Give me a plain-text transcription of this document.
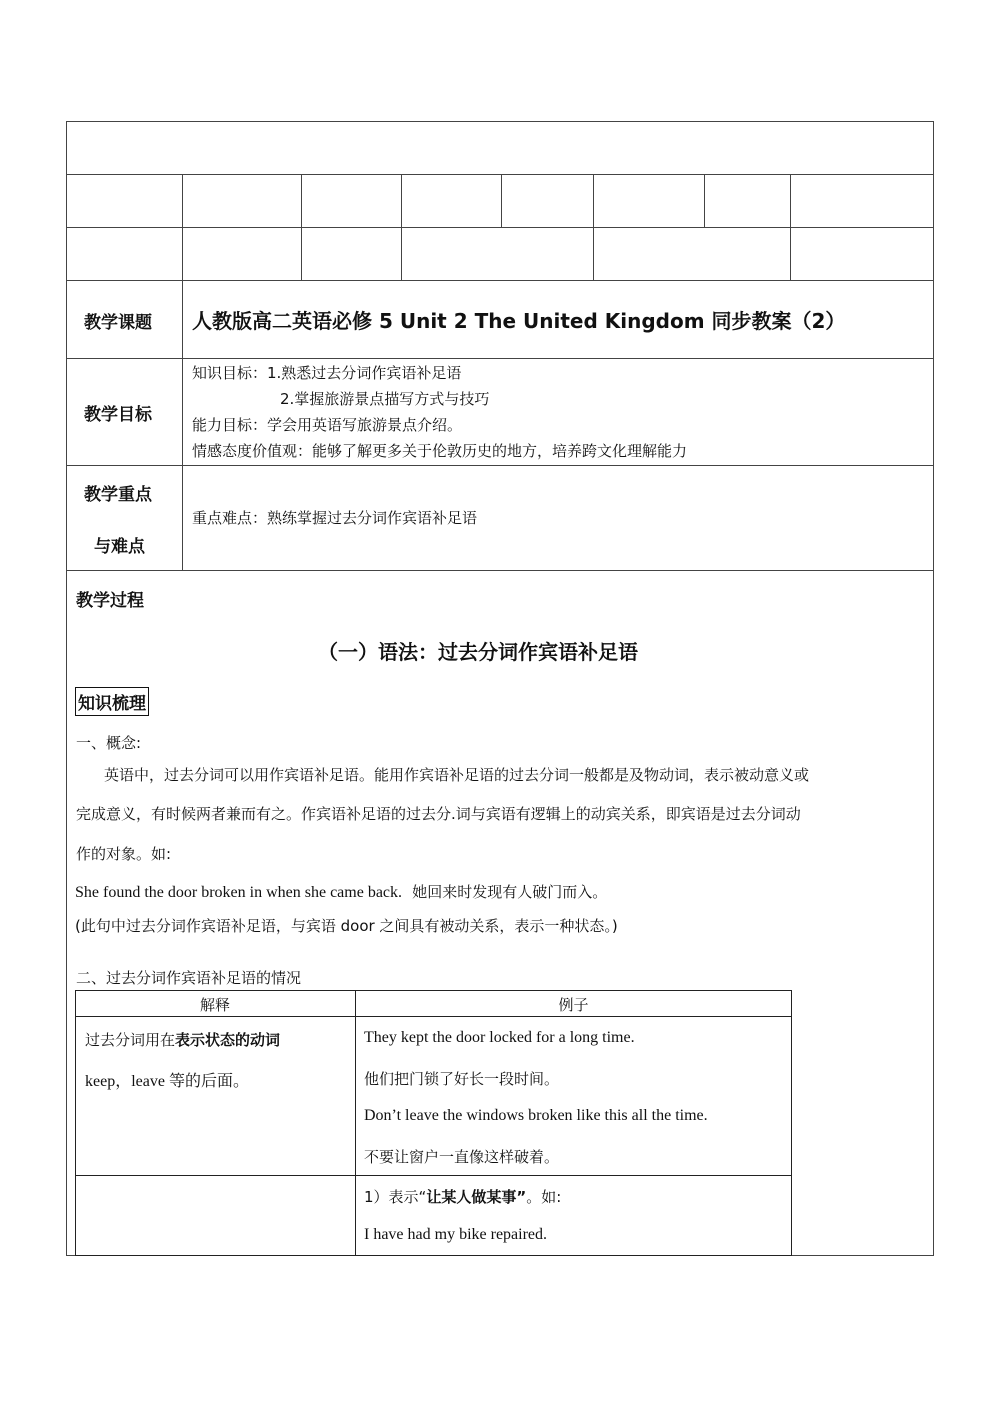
教学课题 人教版高二英语必修 5 Unit 2 The United Kingdom 同步教案（2）
教学目标
知识目标：1.熟悉过去分词作宾语补足语
2.掌握旅游景点描写方式与技巧
能力目标：学会用英语写旅游景点介绍。
情感态度价值观：能够了解更多关于伦敦历史的地方，培养跨文化理解能力
教学重点
与难点
重点难点：熟练掌握过去分词作宾语补足语
教学过程
（一）语法：过去分词作宾语补足语
知识梳理
一、概念:
英语中，过去分词可以用作宾语补足语。能用作宾语补足语的过去分词一般都是及物动词，表示被动意义或
完成意义，有时候两者兼而有之。作宾语补足语的过去分.词与宾语有逻辑上的动宾关系，即宾语是过去分词动
作的对象。如:
She found the door broken in when she came back. 她回来时发现有人破门而入。
(此句中过去分词作宾语补足语，与宾语 door 之间具有被动关系，表示一种状态。)
二、过去分词作宾语补足语的情况
解释	例子
过去分词用在表示状态的动词
keep，leave 等的后面。
They kept the door locked for a long time.
他们把门锁了好长一段时间。
Don’t leave the windows broken like this all the time.
不要让窗户一直像这样破着。
1）表示“让某人做某事”。如:
I have had my bike repaired.
